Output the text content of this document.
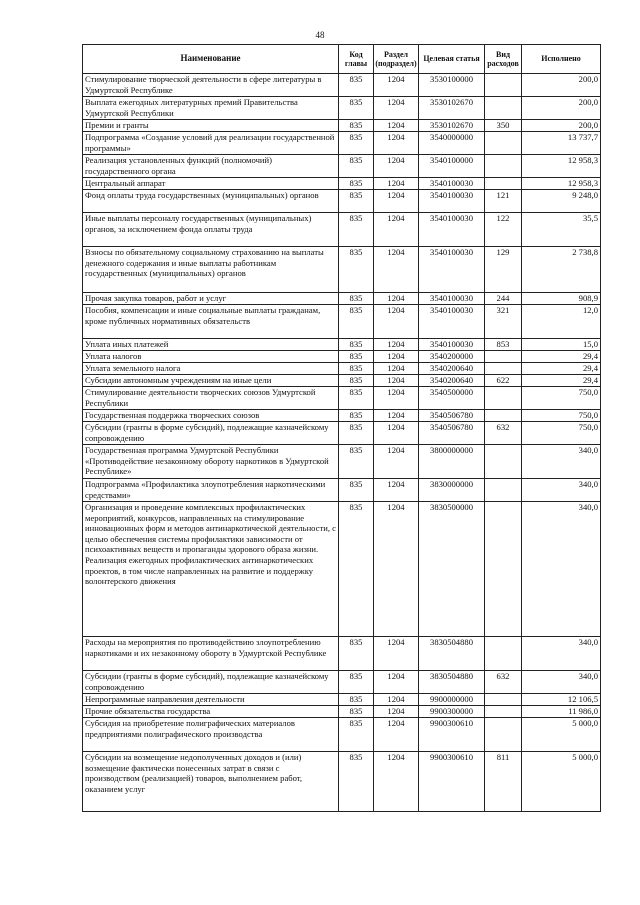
48
Наименование	Код главы	Раздел (подраздел)	Целевая статья	Вид расходов	Исполнено
Стимулирование творческой деятельности в сфере литературы в Удмуртской Республике	835	1204	3530100000		200,0
Выплата ежегодных литературных премий Правительства Удмуртской Республики	835	1204	3530102670		200,0
Премии и гранты	835	1204	3530102670	350	200,0
Подпрограмма «Создание условий для реализации государственной программы»	835	1204	3540000000		13 737,7
Реализация установленных функций (полномочий) государственного органа	835	1204	3540100000		12 958,3
Центральный аппарат	835	1204	3540100030		12 958,3
Фонд оплаты труда государственных (муниципальных) органов	835	1204	3540100030	121	9 248,0
Иные выплаты персоналу государственных (муниципальных) органов, за исключением фонда оплаты труда	835	1204	3540100030	122	35,5
Взносы по обязательному социальному страхованию на выплаты денежного содержания и иные выплаты работникам государственных (муниципальных) органов	835	1204	3540100030	129	2 738,8
Прочая закупка товаров, работ и услуг	835	1204	3540100030	244	908,9
Пособия, компенсации и иные социальные выплаты гражданам, кроме публичных нормативных обязательств	835	1204	3540100030	321	12,0
Уплата иных платежей	835	1204	3540100030	853	15,0
Уплата налогов	835	1204	3540200000		29,4
Уплата земельного налога	835	1204	3540200640		29,4
Субсидии автономным учреждениям на иные цели	835	1204	3540200640	622	29,4
Стимулирование деятельности творческих союзов Удмуртской Республики	835	1204	3540500000		750,0
Государственная поддержка творческих союзов	835	1204	3540506780		750,0
Субсидии (гранты в форме субсидий), подлежащие казначейскому сопровождению	835	1204	3540506780	632	750,0
Государственная программа Удмуртской Республики «Противодействие незаконному обороту наркотиков в Удмуртской Республике»	835	1204	3800000000		340,0
Подпрограмма «Профилактика злоупотребления наркотическими средствами»	835	1204	3830000000		340,0
Организация и проведение комплексных профилактических мероприятий, конкурсов, направленных на стимулирование инновационных форм и методов антинаркотической деятельности, с целью обеспечения системы профилактики зависимости от психоактивных веществ и пропаганды здорового образа жизни. Реализация ежегодных профилактических антинаркотических проектов, в том числе направленных на развитие и поддержку волонтерского движения	835	1204	3830500000		340,0
Расходы на мероприятия по противодействию злоупотреблению наркотиками и их незаконному обороту в Удмуртской Республике	835	1204	3830504880		340,0
Субсидии (гранты в форме субсидий), подлежащие казначейскому сопровождению	835	1204	3830504880	632	340,0
Непрограммные направления деятельности	835	1204	9900000000		12 106,5
Прочие обязательства государства	835	1204	9900300000		11 986,0
Субсидия на приобретение полиграфических материалов предприятиями полиграфического производства	835	1204	9900300610		5 000,0
Субсидии на возмещение недополученных доходов и (или) возмещение фактически понесенных затрат в связи с производством (реализацией) товаров, выполнением работ, оказанием услуг	835	1204	9900300610	811	5 000,0
